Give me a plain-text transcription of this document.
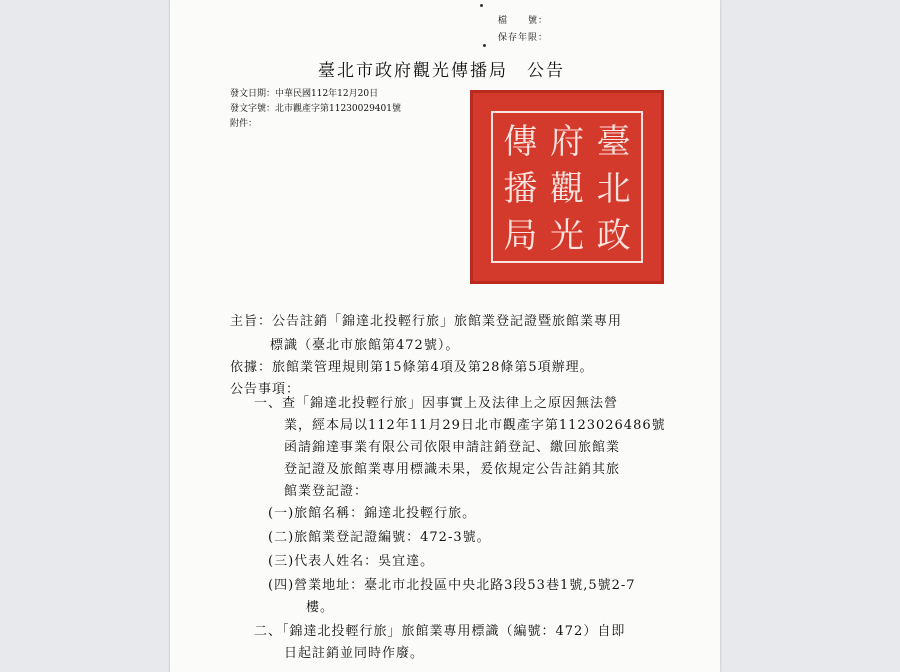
檔　　號：
保存年限：
臺北市政府觀光傳播局　公告
發文日期：中華民國112年12月20日
發文字號：北市觀產字第11230029401號
附件：	傳 府 臺
播 觀 北
局 光 政
主旨：公告註銷「錦達北投輕行旅」旅館業登記證暨旅館業專用
標識（臺北市旅館第472號）。
依據：旅館業管理規則第15條第4項及第28條第5項辦理。
公告事項：
一、查「錦達北投輕行旅」因事實上及法律上之原因無法營
業，經本局以112年11月29日北市觀產字第1123026486號
函請錦達事業有限公司依限申請註銷登記、繳回旅館業
登記證及旅館業專用標識未果，爰依規定公告註銷其旅
館業登記證：
(一)旅館名稱：錦達北投輕行旅。
(二)旅館業登記證編號：472-3號。
(三)代表人姓名：吳宜達。
(四)營業地址：臺北市北投區中央北路3段53巷1號,5號2-7
樓。
二、「錦達北投輕行旅」旅館業專用標識（編號：472）自即
日起註銷並同時作廢。
